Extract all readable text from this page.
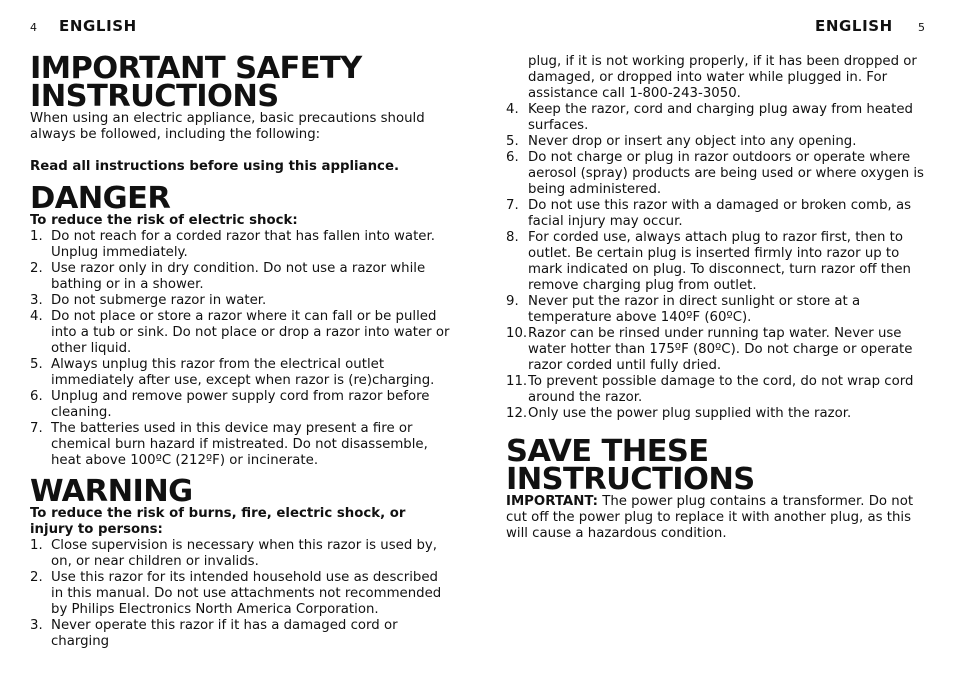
4 ENGLISH
IMPORTANT SAFETY
INSTRUCTIONS

When using an electric appliance, basic precautions should always be followed, including the following:

Read all instructions before using this appliance.

DANGER

To reduce the risk of electric shock:

1. Do not reach for a corded razor that has fallen into water. Unplug immediately.
2. Use razor only in dry condition. Do not use a razor while bathing or in a shower.
3. Do not submerge razor in water.
4. Do not place or store a razor where it can fall or be pulled into a tub or sink. Do not place or drop a razor into water or other liquid.
5. Always unplug this razor from the electrical outlet immediately after use, except when razor is (re)charging.
6. Unplug and remove power supply cord from razor before cleaning.
7. The batteries used in this device may present a fire or chemical burn hazard if mistreated. Do not disassemble, heat above 100ºC (212ºF) or incinerate.
WARNING

To reduce the risk of burns, fire, electric shock, or injury to persons:

1. Close supervision is necessary when this razor is used by, on, or near children or invalids.
2. Use this razor for its intended household use as described in this manual. Do not use attachments not recommended by Philips Electronics North America Corporation.
3. Never operate this razor if it has a damaged cord or charging
ENGLISH 5

plug, if it is not working properly, if it has been dropped or damaged, or dropped into water while plugged in. For assistance call 1-800-243-3050.

4. Keep the razor, cord and charging plug away from heated surfaces.
5. Never drop or insert any object into any opening.
6. Do not charge or plug in razor outdoors or operate where aerosol (spray) products are being used or where oxygen is being administered.
7. Do not use this razor with a damaged or broken comb, as facial injury may occur.
8. For corded use, always attach plug to razor first, then to outlet. Be certain plug is inserted firmly into razor up to mark indicated on plug. To disconnect, turn razor off then remove charging plug from outlet.
9. Never put the razor in direct sunlight or store at a temperature above 140ºF (60ºC).
10. Razor can be rinsed under running tap water. Never use water hotter than 175ºF (80ºC). Do not charge or operate razor corded until fully dried.
11. To prevent possible damage to the cord, do not wrap cord around the razor.
12. Only use the power plug supplied with the razor.
SAVE THESE
INSTRUCTIONS

IMPORTANT: The power plug contains a transformer. Do not cut off the power plug to replace it with another plug, as this will cause a hazardous condition.
